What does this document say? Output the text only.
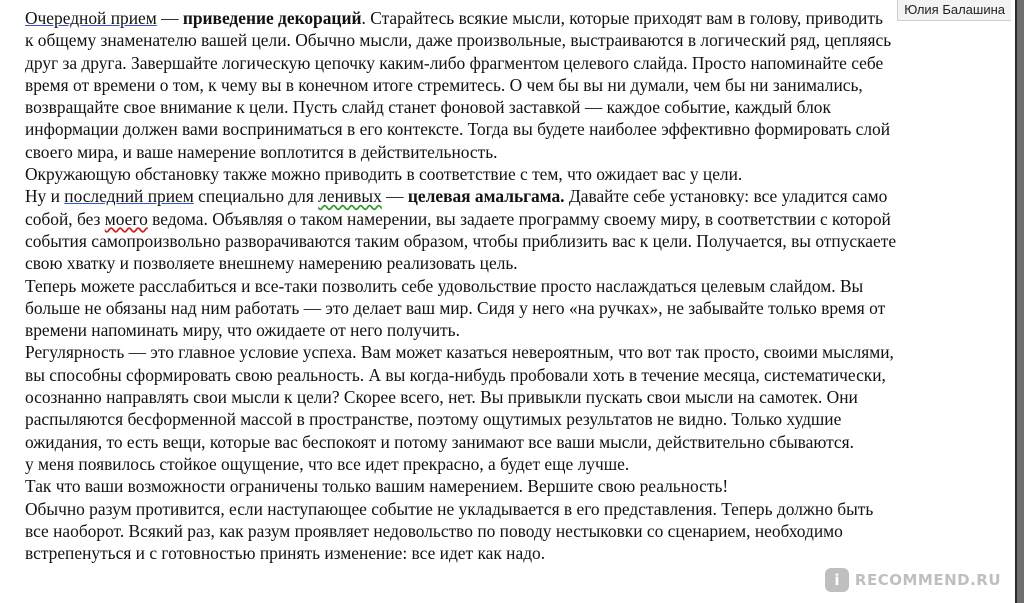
Очередной прием — приведение декораций. Старайтесь всякие мысли, которые приходят вам в голову, приводить
к общему знаменателю вашей цели. Обычно мысли, даже произвольные, выстраиваются в логический ряд, цепляясь
друг за друга. Завершайте логическую цепочку каким-либо фрагментом целевого слайда. Просто напоминайте себе
время от времени о том, к чему вы в конечном итоге стремитесь. О чем бы вы ни думали, чем бы ни занимались,
возвращайте свое внимание к цели. Пусть слайд станет фоновой заставкой — каждое событие, каждый блок
информации должен вами восприниматься в его контексте. Тогда вы будете наиболее эффективно формировать слой
своего мира, и ваше намерение воплотится в действительность.
Окружающую обстановку также можно приводить в соответствие с тем, что ожидает вас у цели.
Ну и последний прием специально для ленивых — целевая амальгама. Давайте себе установку: все уладится само
собой, без моего ведома. Объявляя о таком намерении, вы задаете программу своему миру, в соответствии с которой
события самопроизвольно разворачиваются таким образом, чтобы приблизить вас к цели. Получается, вы отпускаете
свою хватку и позволяете внешнему намерению реализовать цель.
Теперь можете расслабиться и все-таки позволить себе удовольствие просто наслаждаться целевым слайдом. Вы
больше не обязаны над ним работать — это делает ваш мир. Сидя у него «на ручках», не забывайте только время от
времени напоминать миру, что ожидаете от него получить.
Регулярность — это главное условие успеха. Вам может казаться невероятным, что вот так просто, своими мыслями,
вы способны сформировать свою реальность. А вы когда-нибудь пробовали хоть в течение месяца, систематически,
осознанно направлять свои мысли к цели? Скорее всего, нет. Вы привыкли пускать свои мысли на самотек. Они
распыляются бесформенной массой в пространстве, поэтому ощутимых результатов не видно. Только худшие
ожидания, то есть вещи, которые вас беспокоят и потому занимают все ваши мысли, действительно сбываются.
у меня появилось стойкое ощущение, что все идет прекрасно, а будет еще лучше.
Так что ваши возможности ограничены только вашим намерением. Вершите свою реальность!
Обычно разум противится, если наступающее событие не укладывается в его представления. Теперь должно быть
все наоборот. Всякий раз, как разум проявляет недовольство по поводу нестыковки со сценарием, необходимо
встрепенуться и с готовностью принять изменение: все идет как надо.
Юлия Балашина
i	RECOMMEND.RU
